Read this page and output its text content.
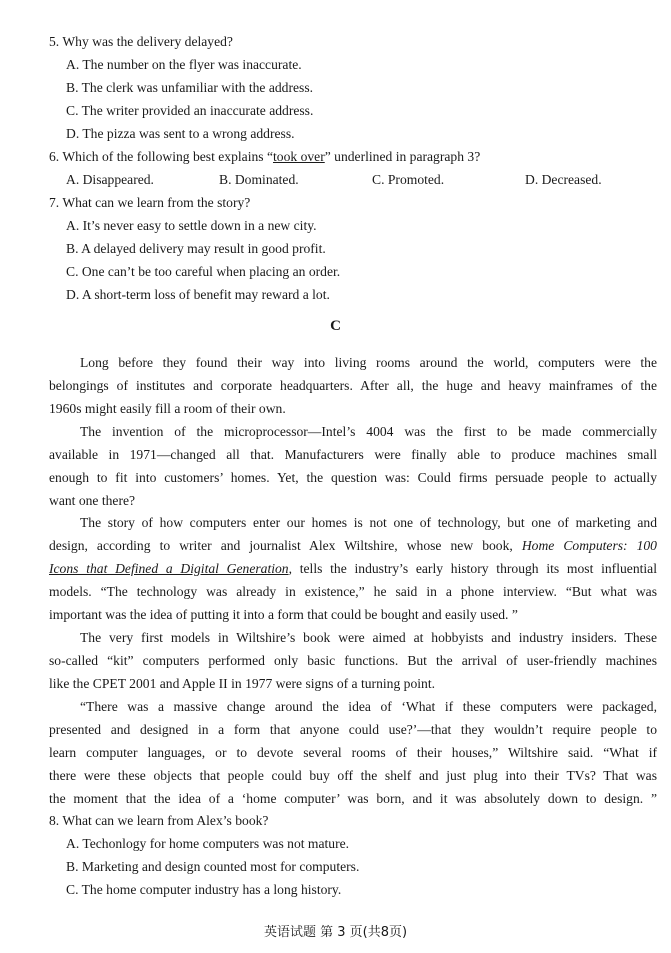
5. Why was the delivery delayed?
A. The number on the flyer was inaccurate.
B. The clerk was unfamiliar with the address.
C. The writer provided an inaccurate address.
D. The pizza was sent to a wrong address.
6. Which of the following best explains “took over” underlined in paragraph 3?
A. Disappeared.	B. Dominated.	C. Promoted.	D. Decreased.
7. What can we learn from the story?
A. It’s never easy to settle down in a new city.
B. A delayed delivery may result in good profit.
C. One can’t be too careful when placing an order.
D. A short-term loss of benefit may reward a lot.
C
Long before they found their way into living rooms around the world, computers were the
belongings of institutes and corporate headquarters. After all, the huge and heavy mainframes of the
1960s might easily fill a room of their own.
The invention of the microprocessor—Intel’s 4004 was the first to be made commercially
available in 1971—changed all that. Manufacturers were finally able to produce machines small
enough to fit into customers’ homes. Yet, the question was: Could firms persuade people to actually
want one there?
The story of how computers enter our homes is not one of technology, but one of marketing and
design, according to writer and journalist Alex Wiltshire, whose new book, Home Computers: 100
Icons that Defined a Digital Generation, tells the industry’s early history through its most influential
models. “The technology was already in existence,” he said in a phone interview. “But what was
important was the idea of putting it into a form that could be bought and easily used. ”
The very first models in Wiltshire’s book were aimed at hobbyists and industry insiders. These
so-called “kit” computers performed only basic functions. But the arrival of user-friendly machines
like the CPET 2001 and Apple II in 1977 were signs of a turning point.
“There was a massive change around the idea of ‘What if these computers were packaged,
presented and designed in a form that anyone could use?’—that they wouldn’t require people to
learn computer languages, or to devote several rooms of their houses,” Wiltshire said. “What if
there were these objects that people could buy off the shelf and just plug into their TVs? That was
the moment that the idea of a ‘home computer’ was born, and it was absolutely down to design. ”
8. What can we learn from Alex’s book?
A. Techonlogy for home computers was not mature.
B. Marketing and design counted most for computers.
C. The home computer industry has a long history.
英语试题 第 3 页(共8页)
